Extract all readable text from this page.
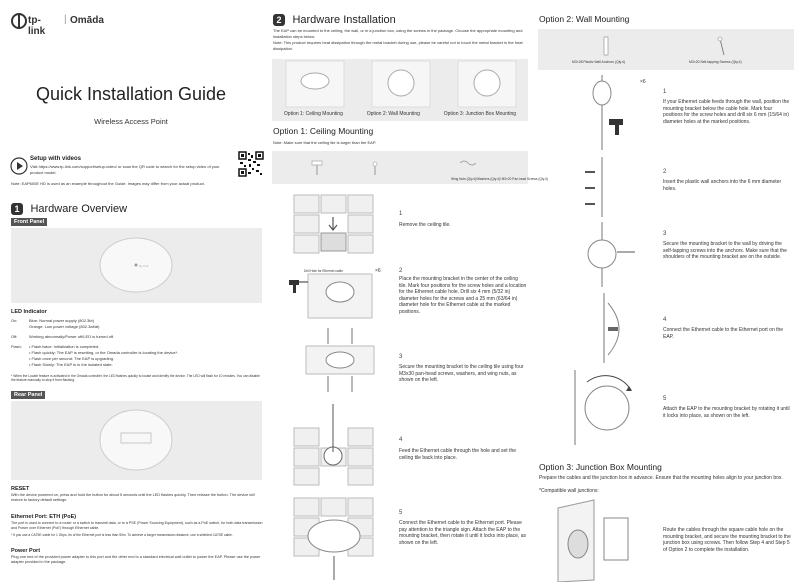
tp-link
| Omāda
Quick Installation Guide
Wireless Access Point
Setup with videos
Visit https://www.tp-link.com/support/setup-video/ or scan the QR code to search for the setup video of your product model.
Note: EAP600E HD is used as an example throughout the Guide. Images may differ from your actual product.
1 Hardware Overview
Front Panel
tp-link
LED Indicator
On:	Blue: Normal power supply (802.3bt)
Orange: Low power voltage (802.3af/at)
Off:	Working abnormally/Power off/LED is turned off.
Flash: • Flash twice: Initialization is completed.
• Flash quickly: The EAP is resetting, or the Omada controller is locating the device*.
• Flash once per second: The EAP is upgrading.
• Flash Slowly: The EAP is in the isolated state.
* When the Locate feature is activated in the Omada controller, the LED flashes quickly to locate and identify the device. The LED will flash for 10 minutes. You can disable the feature manually to stop it from flashing.
Rear Panel
RESET
With the device powered on, press and hold the button for about 5 seconds until the LED flashes quickly. Then release the button. The device will restore to factory default settings.
Ethernet Port: ETH (PoE)
The port is used to connect to a router or a switch to transmit data, or to a PSE (Power Sourcing Equipment), such as a PoE switch, for both data transmission and Power over Ethernet (PoE) through Ethernet cable.
* If you use a CAT5E cable for 1 Gbps, its of the Ethernet port is less than 50m. To achieve a longer transmission distance, use a shielded CAT5E cable.
Power Port
Plug one end of the provided power adapter to this port and the other end to a standard electrical wall outlet to power the EAP. Please use the power adapter provided in the package.
2 Hardware Installation
The EAP can be mounted to the ceiling, the wall, or in a junction box, using the screws in the package. Choose the appropriate mounting and installation steps below.
Note: This product requires heat dissipation through the metal bracket during use, please be careful not to touch the metal bracket in the heat dissipation.
Option 1: Ceiling Mounting	Option 2: Wall Mounting	Option 3: Junction Box Mounting
Option 1: Ceiling Mounting
Note: Make sure that the ceiling tile is larger than the EAP.
Wing Nuts (Qty.4)/Washers (Qty.4)/ M3×20 Pan-head Screws (Qty.4)
1
Remove the ceiling tile.
Drill Hole for Ethernet cable	×6	2
Place the mounting bracket in the center of the ceiling tile. Mark four positions for the screw holes and a location for the Ethernet cable hole. Drill six 4 mm (5/32 in) diameter holes for the screws and a 25 mm (63/64 in) diameter hole for the Ethernet cable at the marked positions.
3
Secure the mounting bracket to the ceiling tile using four M3x30 pan-head screws, washers, and wing nuts, as shown on the left.
4
Feed the Ethernet cable through the hole and set the ceiling tile back into place.
5
Connect the Ethernet cable to the Ethernet port. Please pay attention to the triangle sign. Attach the EAP to the mounting bracket, then rotate it until it locks into place, as shown on the left.
Option 2: Wall Mounting
M3×28 Plastic Wall Anchors (Qty.4)	M3×20 Self-tapping Screws (Qty.4)
×6
1
If your Ethernet cable feeds through the wall, position the mounting bracket below the cable hole. Mark four positions for the screw holes and drill six 6 mm (15/64 in) diameter holes at the marked positions.
2
Insert the plastic wall anchors into the 6 mm diameter holes.
3
Secure the mounting bracket to the wall by driving the self-tapping screws into the anchors. Make sure that the shoulders of the mounting bracket are on the outside.
4
Connect the Ethernet cable to the Ethernet port on the EAP.
5
Attach the EAP to the mounting bracket by rotating it until it locks into place, as shown on the left.
Option 3: Junction Box Mounting
Prepare the cables and the junction box in advance. Ensure that the mounting holes align to your junction box.
*Compatible wall junctions:
Route the cables through the square cable hole on the mounting bracket, and secure the mounting bracket to the junction box using screws. Then follow Step 4 and Step 5 of Option 2 to complete the installation.
